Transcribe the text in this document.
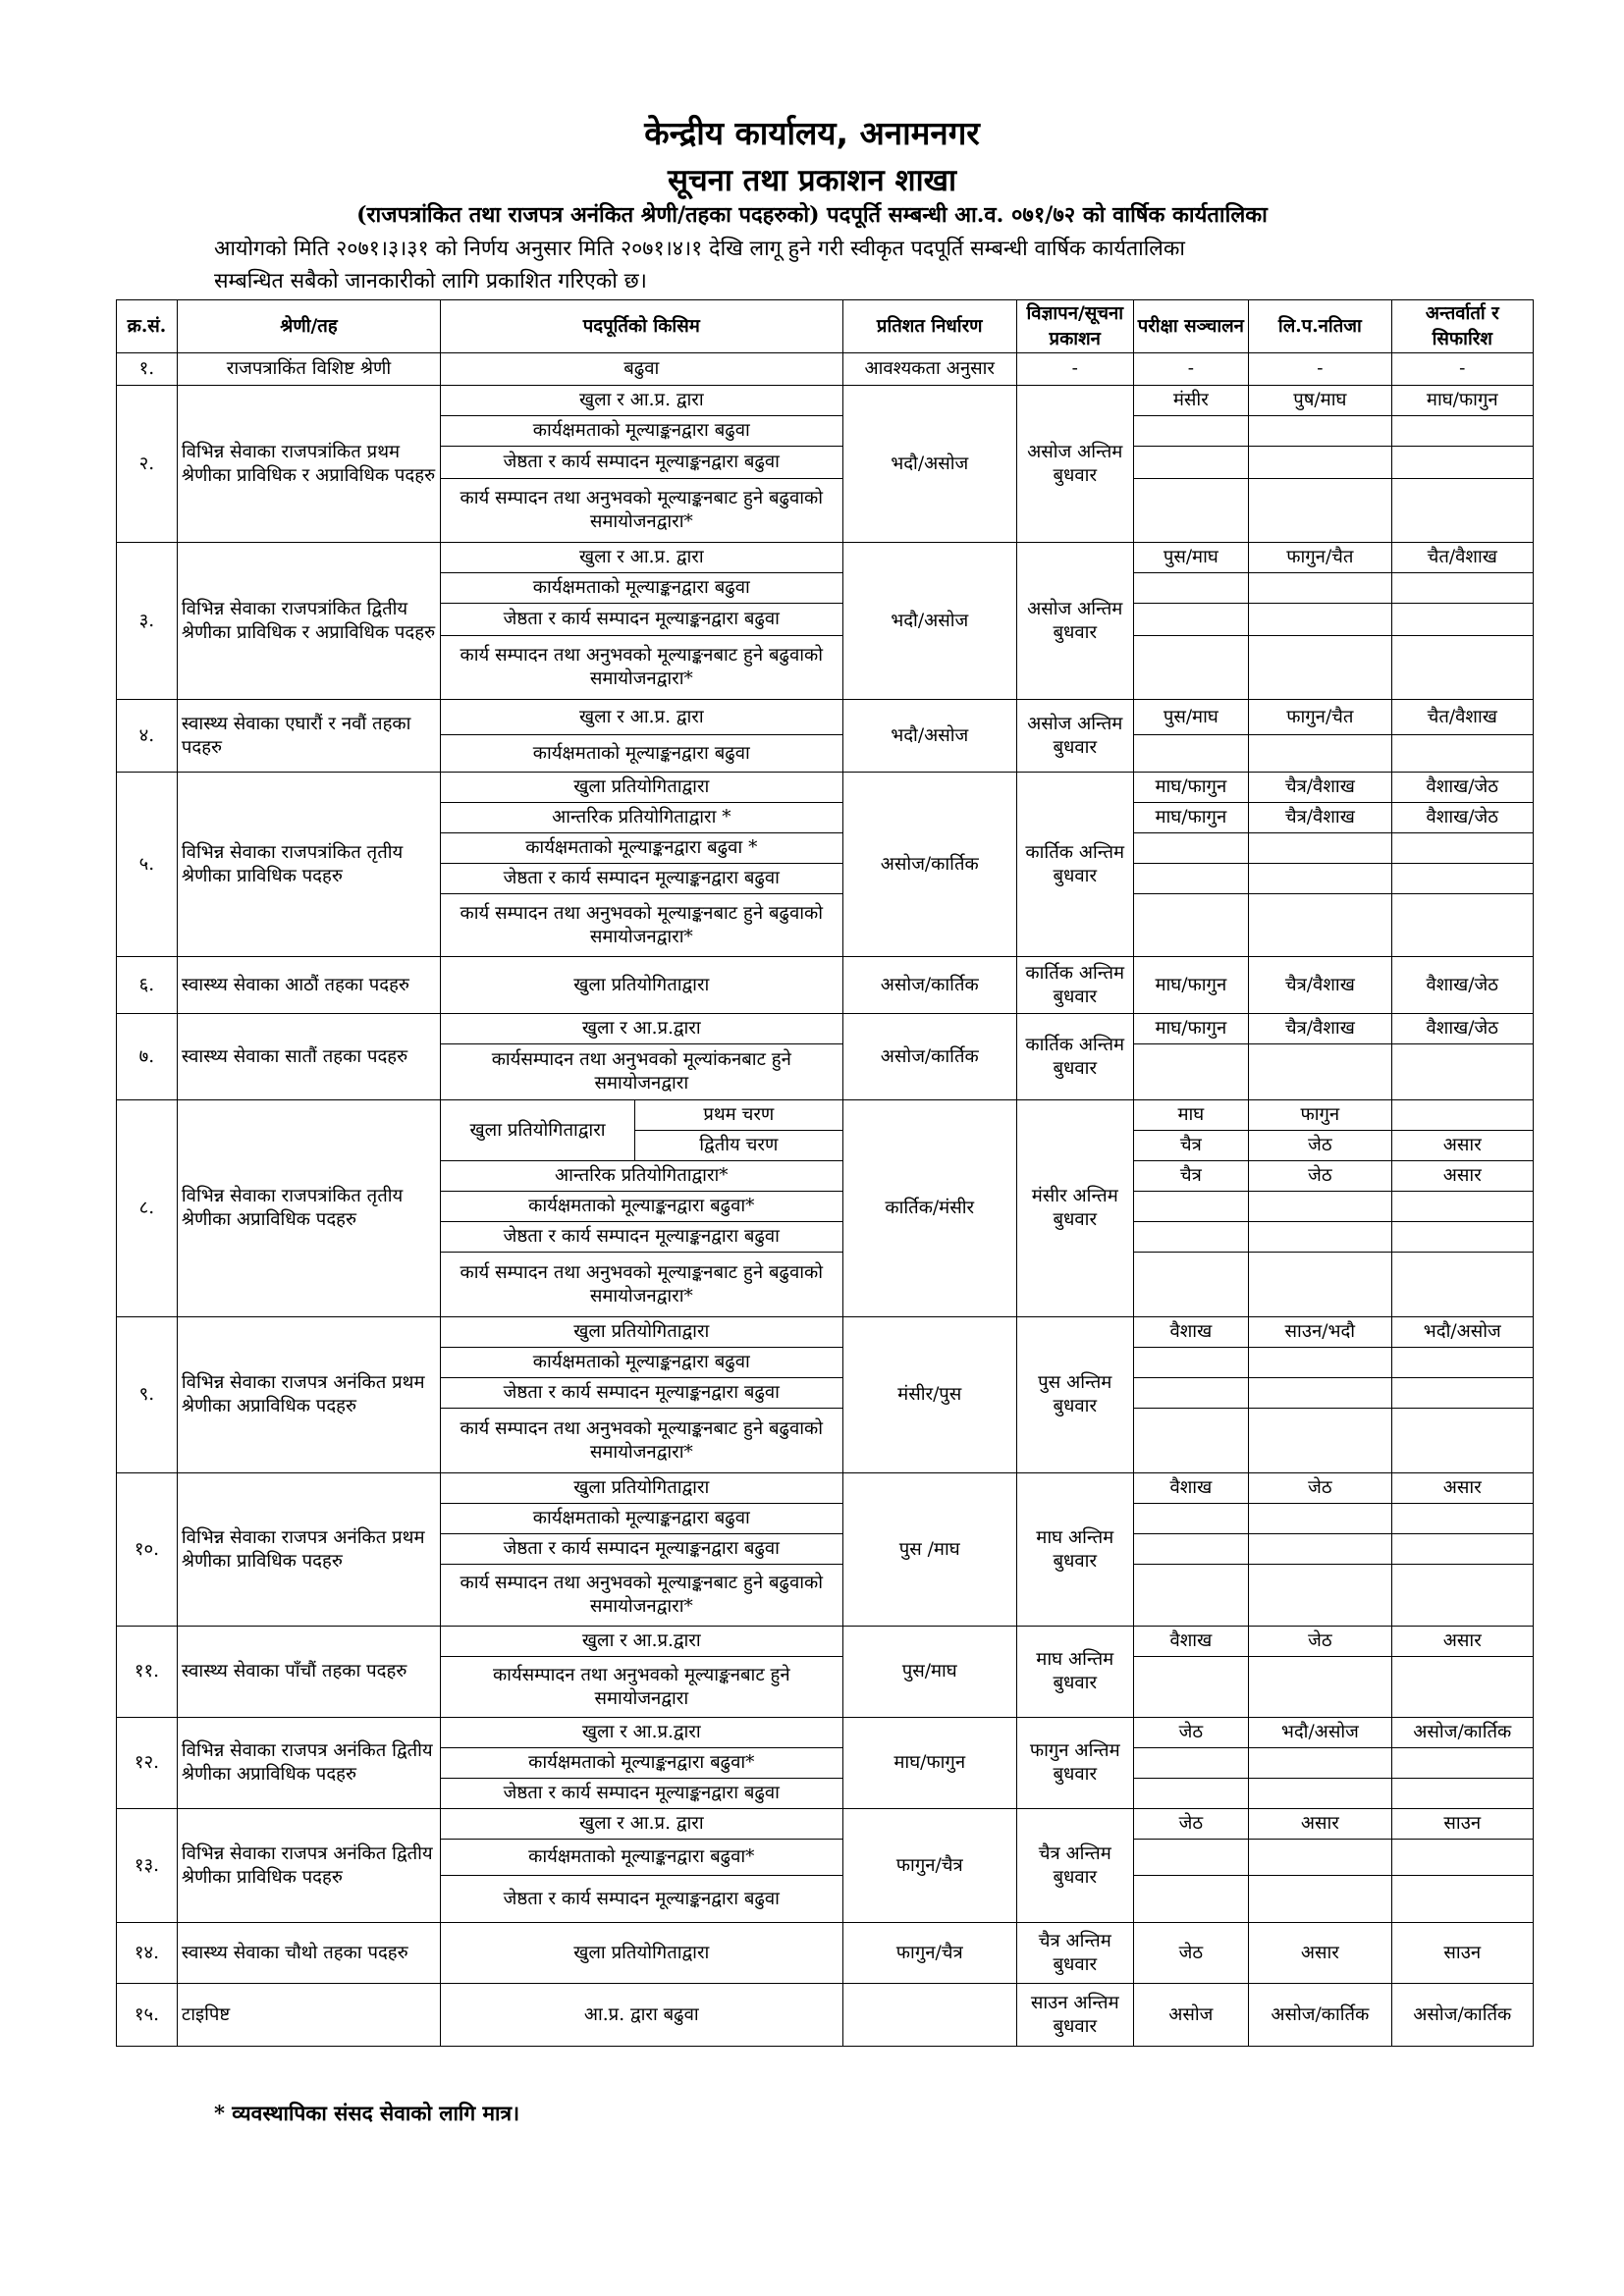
केन्द्रीय कार्यालय, अनामनगर
सूचना तथा प्रकाशन शाखा
(राजपत्रांकित तथा राजपत्र अनंकित श्रेणी/तहका पदहरुको) पदपूर्ति सम्बन्धी आ.व. ०७१/७२ को वार्षिक कार्यतालिका
आयोगको मिति २०७१।३।३१ को निर्णय अनुसार मिति २०७१।४।१ देखि लागू हुने गरी स्वीकृत पदपूर्ति सम्बन्धी वार्षिक कार्यतालिका
सम्बन्धित सबैको जानकारीको लागि प्रकाशित गरिएको छ।
क्र.सं.	श्रेणी/तह	पदपूर्तिको किसिम		प्रतिशत निर्धारण	विज्ञापन/सूचना प्रकाशन	परीक्षा सञ्चालन	लि.प.नतिजा	अन्तर्वार्ता र सिफारिश
१.	राजपत्राकिंत विशिष्ट श्रेणी	बढुवा		आवश्यकता अनुसार	-	-	-	-
२.	विभिन्न सेवाका राजपत्रांकित प्रथम श्रेणीका प्राविधिक र अप्राविधिक पदहरु	खुला र आ.प्र. द्वारा		भदौ/असोज	असोज अन्तिम बुधवार	मंसीर	पुष/माघ	माघ/फागुन
		कार्यक्षमताको मूल्याङ्कनद्वारा बढुवा						
		जेष्ठता र कार्य सम्पादन मूल्याङ्कनद्वारा बढुवा						
		कार्य सम्पादन तथा अनुभवको मूल्याङ्कनबाट हुने बढुवाको समायोजनद्वारा*						
३.	विभिन्न सेवाका राजपत्रांकित द्वितीय श्रेणीका प्राविधिक र अप्राविधिक पदहरु	खुला र आ.प्र. द्वारा		भदौ/असोज	असोज अन्तिम बुधवार	पुस/माघ	फागुन/चैत	चैत/वैशाख
		कार्यक्षमताको मूल्याङ्कनद्वारा बढुवा						
		जेष्ठता र कार्य सम्पादन मूल्याङ्कनद्वारा बढुवा						
		कार्य सम्पादन तथा अनुभवको मूल्याङ्कनबाट हुने बढुवाको समायोजनद्वारा*						
४.	स्वास्थ्य सेवाका एघारौं र नवौं तहका पदहरु	खुला र आ.प्र. द्वारा		भदौ/असोज	असोज अन्तिम बुधवार	पुस/माघ	फागुन/चैत	चैत/वैशाख
		कार्यक्षमताको मूल्याङ्कनद्वारा बढुवा						
५.	विभिन्न सेवाका राजपत्रांकित तृतीय श्रेणीका प्राविधिक पदहरु	खुला प्रतियोगिताद्वारा		असोज/कार्तिक	कार्तिक अन्तिम बुधवार	माघ/फागुन	चैत्र/वैशाख	वैशाख/जेठ
		आन्तरिक प्रतियोगिताद्वारा *				माघ/फागुन	चैत्र/वैशाख	वैशाख/जेठ
		कार्यक्षमताको मूल्याङ्कनद्वारा बढुवा *						
		जेष्ठता र कार्य सम्पादन मूल्याङ्कनद्वारा बढुवा						
		कार्य सम्पादन तथा अनुभवको मूल्याङ्कनबाट हुने बढुवाको समायोजनद्वारा*						
६.	स्वास्थ्य सेवाका आठौं तहका पदहरु	खुला प्रतियोगिताद्वारा		असोज/कार्तिक	कार्तिक अन्तिम बुधवार	माघ/फागुन	चैत्र/वैशाख	वैशाख/जेठ
७.	स्वास्थ्य सेवाका सातौं तहका पदहरु	खुला र आ.प्र.द्वारा		असोज/कार्तिक	कार्तिक अन्तिम बुधवार	माघ/फागुन	चैत्र/वैशाख	वैशाख/जेठ
		कार्यसम्पादन तथा अनुभवको मूल्यांकनबाट हुने समायोजनद्वारा						
८.	विभिन्न सेवाका राजपत्रांकित तृतीय श्रेणीका अप्राविधिक पदहरु	खुला प्रतियोगिताद्वारा	प्रथम चरण	कार्तिक/मंसीर	मंसीर अन्तिम बुधवार	माघ	फागुन	
			द्वितीय चरण			चैत्र	जेठ	असार
		आन्तरिक प्रतियोगिताद्वारा*				चैत्र	जेठ	असार
		कार्यक्षमताको मूल्याङ्कनद्वारा बढुवा*						
		जेष्ठता र कार्य सम्पादन मूल्याङ्कनद्वारा बढुवा						
		कार्य सम्पादन तथा अनुभवको मूल्याङ्कनबाट हुने बढुवाको समायोजनद्वारा*						
९.	विभिन्न सेवाका राजपत्र अनंकित प्रथम श्रेणीका अप्राविधिक पदहरु	खुला प्रतियोगिताद्वारा		मंसीर/पुस	पुस अन्तिम बुधवार	वैशाख	साउन/भदौ	भदौ/असोज
		कार्यक्षमताको मूल्याङ्कनद्वारा बढुवा						
		जेष्ठता र कार्य सम्पादन मूल्याङ्कनद्वारा बढुवा						
		कार्य सम्पादन तथा अनुभवको मूल्याङ्कनबाट हुने बढुवाको समायोजनद्वारा*						
१०.	विभिन्न सेवाका राजपत्र अनंकित प्रथम श्रेणीका प्राविधिक पदहरु	खुला प्रतियोगिताद्वारा		पुस /माघ	माघ अन्तिम बुधवार	वैशाख	जेठ	असार
		कार्यक्षमताको मूल्याङ्कनद्वारा बढुवा						
		जेष्ठता र कार्य सम्पादन मूल्याङ्कनद्वारा बढुवा						
		कार्य सम्पादन तथा अनुभवको मूल्याङ्कनबाट हुने बढुवाको समायोजनद्वारा*						
११.	स्वास्थ्य सेवाका पाँचौं तहका पदहरु	खुला र आ.प्र.द्वारा		पुस/माघ	माघ अन्तिम बुधवार	वैशाख	जेठ	असार
		कार्यसम्पादन तथा अनुभवको मूल्याङ्कनबाट हुने समायोजनद्वारा						
१२.	विभिन्न सेवाका राजपत्र अनंकित द्वितीय श्रेणीका अप्राविधिक पदहरु	खुला र आ.प्र.द्वारा		माघ/फागुन	फागुन अन्तिम बुधवार	जेठ	भदौ/असोज	असोज/कार्तिक
		कार्यक्षमताको मूल्याङ्कनद्वारा बढुवा*						
		जेष्ठता र कार्य सम्पादन मूल्याङ्कनद्वारा बढुवा						
१३.	विभिन्न सेवाका राजपत्र अनंकित द्वितीय श्रेणीका प्राविधिक पदहरु	खुला र आ.प्र. द्वारा		फागुन/चैत्र	चैत्र अन्तिम बुधवार	जेठ	असार	साउन
		कार्यक्षमताको मूल्याङ्कनद्वारा बढुवा*						
		जेष्ठता र कार्य सम्पादन मूल्याङ्कनद्वारा बढुवा						
१४.	स्वास्थ्य सेवाका चौथो तहका पदहरु	खुला प्रतियोगिताद्वारा		फागुन/चैत्र	चैत्र अन्तिम बुधवार	जेठ	असार	साउन
१५.	टाइपिष्ट	आ.प्र. द्वारा बढुवा			साउन अन्तिम बुधवार	असोज	असोज/कार्तिक	असोज/कार्तिक
* व्यवस्थापिका संसद सेवाको लागि मात्र।
